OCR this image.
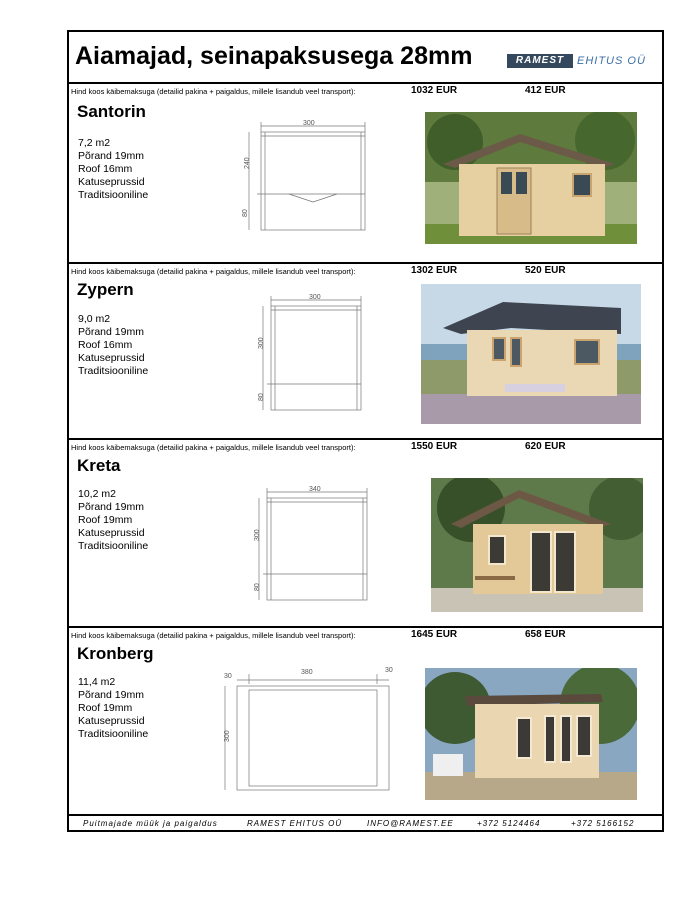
Aiamajad, seinapaksusega 28mm	RAMEST	EHITUS OÜ
Hind koos käibemaksuga (detailid pakina + paigaldus, millele lisandub veel transport):	1032 EUR	412 EUR
Santorin
7,2 m2
Põrand 19mm
Roof 16mm
Katuseprussid
Traditsiooniline
300
240
80
Hind koos käibemaksuga (detailid pakina + paigaldus, millele lisandub veel transport):	1302 EUR	520 EUR
Zypern
9,0 m2
Põrand 19mm
Roof 16mm
Katuseprussid
Traditsiooniline
300
300
80
Hind koos käibemaksuga (detailid pakina + paigaldus, millele lisandub veel transport):	1550 EUR	620 EUR
Kreta
10,2 m2
Põrand 19mm
Roof 19mm
Katuseprussid
Traditsiooniline
340
300
80
Hind koos käibemaksuga (detailid pakina + paigaldus, millele lisandub veel transport):	1645 EUR	658 EUR
Kronberg
11,4 m2
Põrand 19mm
Roof 19mm
Katuseprussid
Traditsiooniline
30
380	30
300
Puitmajade müük ja paigaldus	RAMEST EHITUS OÜ	INFO@RAMEST.EE	+372 5124464	+372 5166152
